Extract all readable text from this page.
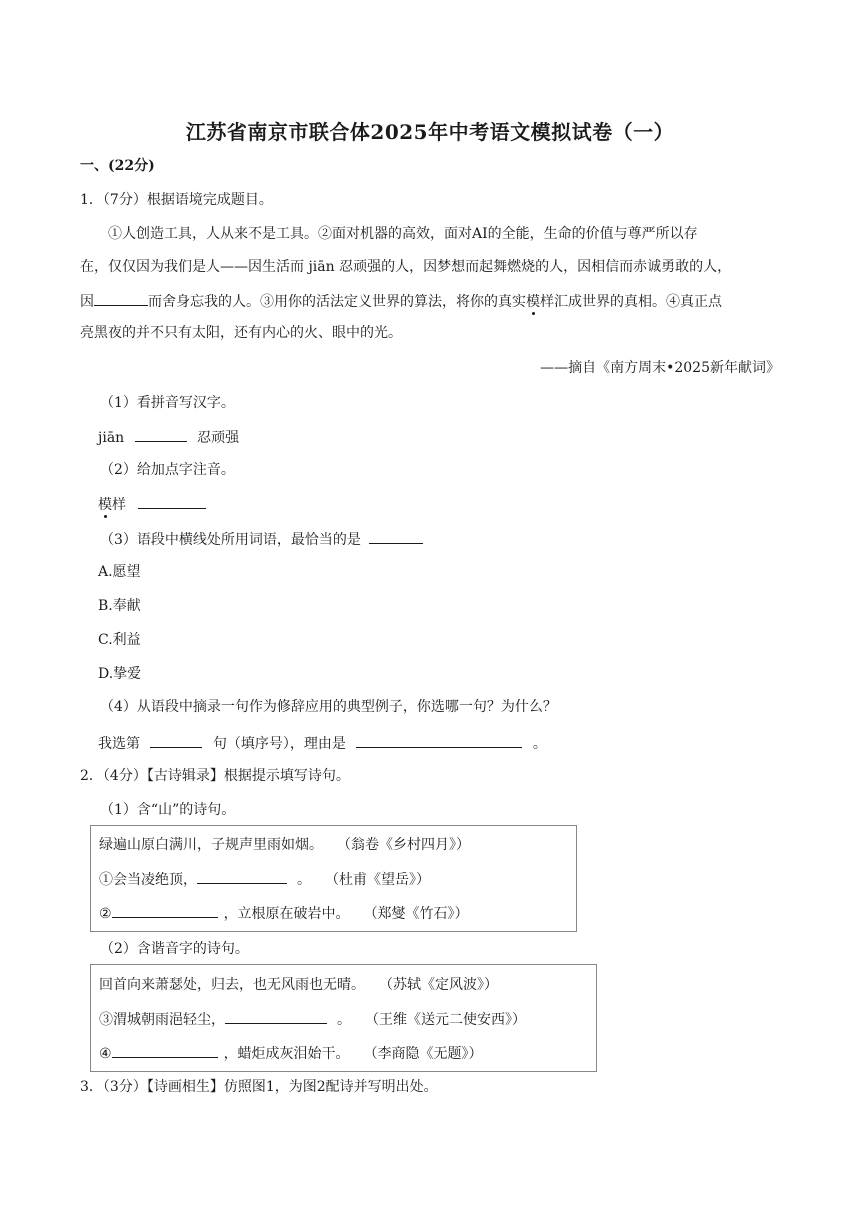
江苏省南京市联合体2025年中考语文模拟试卷（一）
一、(22分)
1．（7分）根据语境完成题目。
①人创造工具，人从来不是工具。②面对机器的高效，面对AI的全能，生命的价值与尊严所以存
在，仅仅因为我们是人——因生活而 jiān 忍顽强的人，因梦想而起舞燃烧的人，因相信而赤诚勇敢的人，
因	而舍身忘我的人。③用你的活法定义世界的算法，将你的真实模样汇成世界的真相。④真正点
亮黑夜的并不只有太阳，还有内心的火、眼中的光。
——摘自《南方周末•2025新年献词》
（1）看拼音写汉字。
jiān	忍顽强
（2）给加点字注音。
模样
（3）语段中横线处所用词语，最恰当的是
A.愿望
B.奉献
C.利益
D.挚爱
（4）从语段中摘录一句作为修辞应用的典型例子，你选哪一句？为什么？
我选第	句（填序号），理由是	。
2．（4分）【古诗辑录】根据提示填写诗句。
（1）含“山”的诗句。
绿遍山原白满川，子规声里雨如烟。 （翁卷《乡村四月》）
①会当凌绝顶，	。 （杜甫《望岳》）
②	，立根原在破岩中。 （郑燮《竹石》）
（2）含谐音字的诗句。
回首向来萧瑟处，归去，也无风雨也无晴。 （苏轼《定风波》）
③渭城朝雨浥轻尘，	。 （王维《送元二使安西》）
④	，蜡炬成灰泪始干。 （李商隐《无题》）
3．（3分）【诗画相生】仿照图1，为图2配诗并写明出处。
